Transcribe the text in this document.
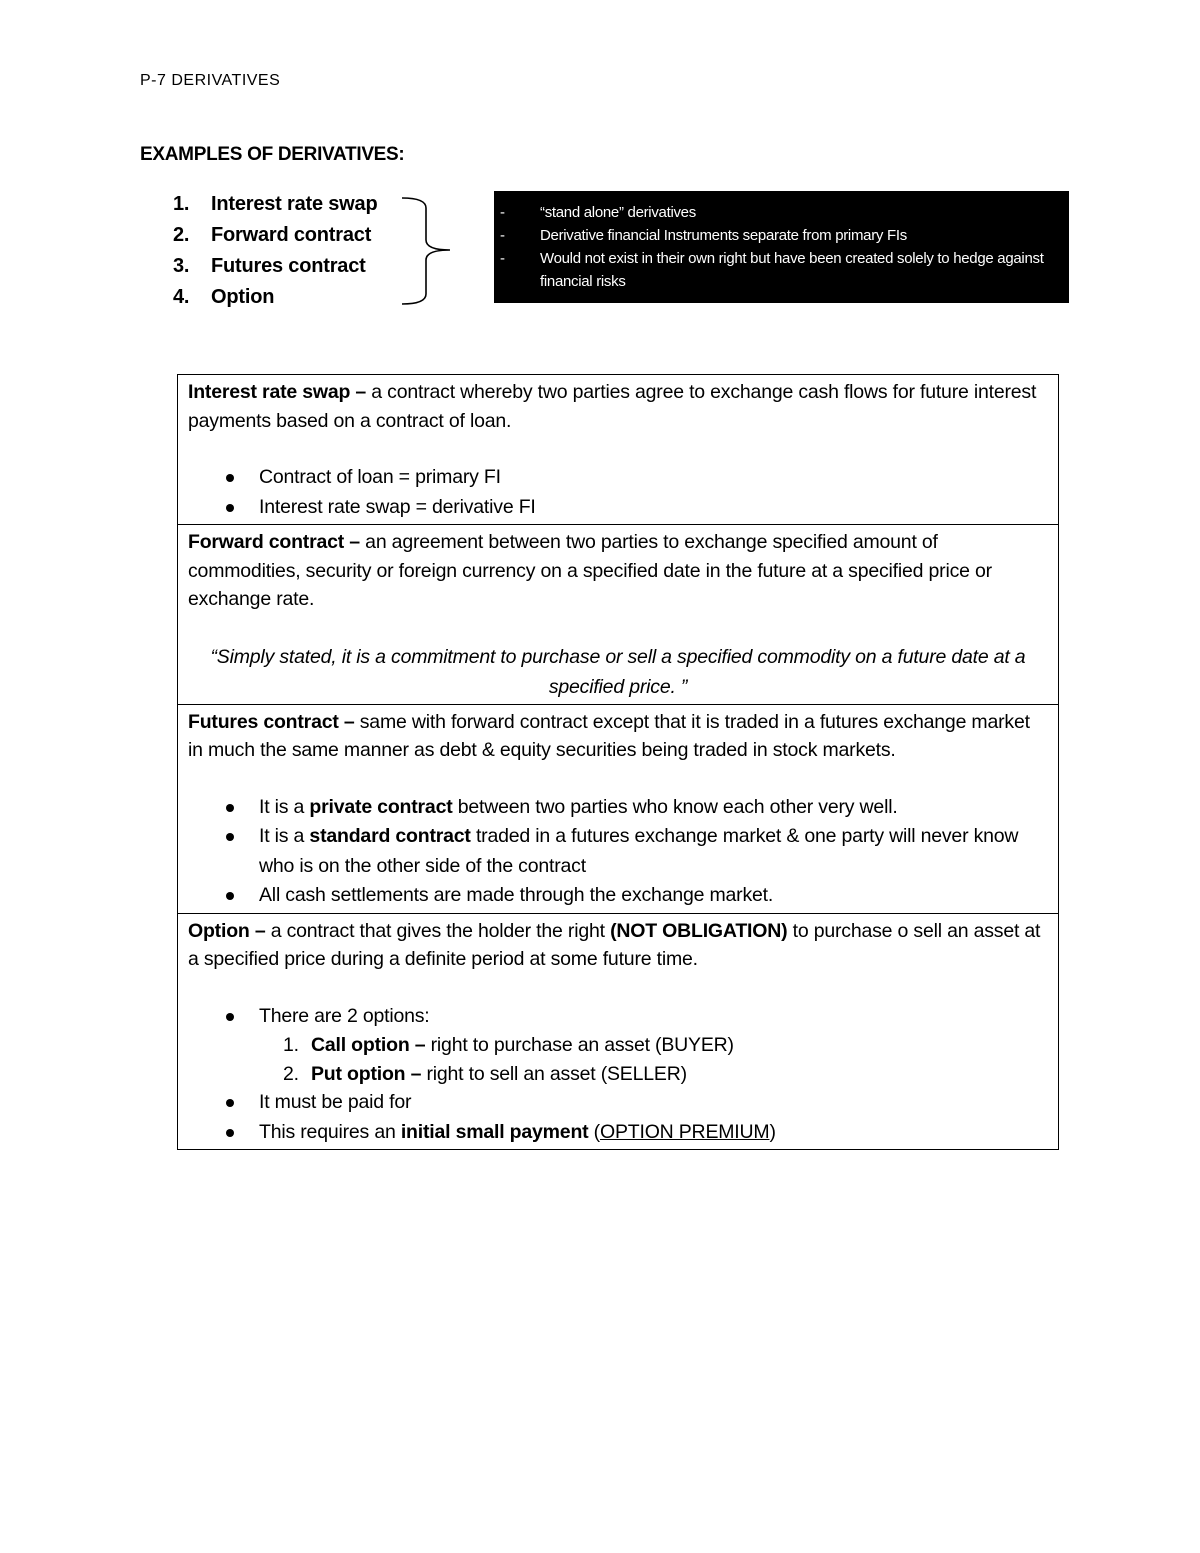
P-7 DERIVATIVES
EXAMPLES OF DERIVATIVES:
1. Interest rate swap
2. Forward contract
3. Futures contract
4. Option
- “stand alone” derivatives
- Derivative financial Instruments separate from primary FIs
- Would not exist in their own right but have been created solely to hedge against financial risks

Interest rate swap – a contract whereby two parties agree to exchange cash flows for future interest payments based on a contract of loan.

Contract of loan = primary FI
Interest rate swap = derivative FI

Forward contract – an agreement between two parties to exchange specified amount of commodities, security or foreign currency on a specified date in the future at a specified price or exchange rate.

“Simply stated, it is a commitment to purchase or sell a specified commodity on a future date at a specified price. ”

Futures contract – same with forward contract except that it is traded in a futures exchange market in much the same manner as debt & equity securities being traded in stock markets.

It is a private contract between two parties who know each other very well.
It is a standard contract traded in a futures exchange market & one party will never know who is on the other side of the contract
All cash settlements are made through the exchange market.

Option – a contract that gives the holder the right (NOT OBLIGATION) to purchase o sell an asset at a specified price during a definite period at some future time.

There are 2 options:
1. Call option – right to purchase an asset (BUYER)
2. Put option – right to sell an asset (SELLER)
It must be paid for
This requires an initial small payment (OPTION PREMIUM)
